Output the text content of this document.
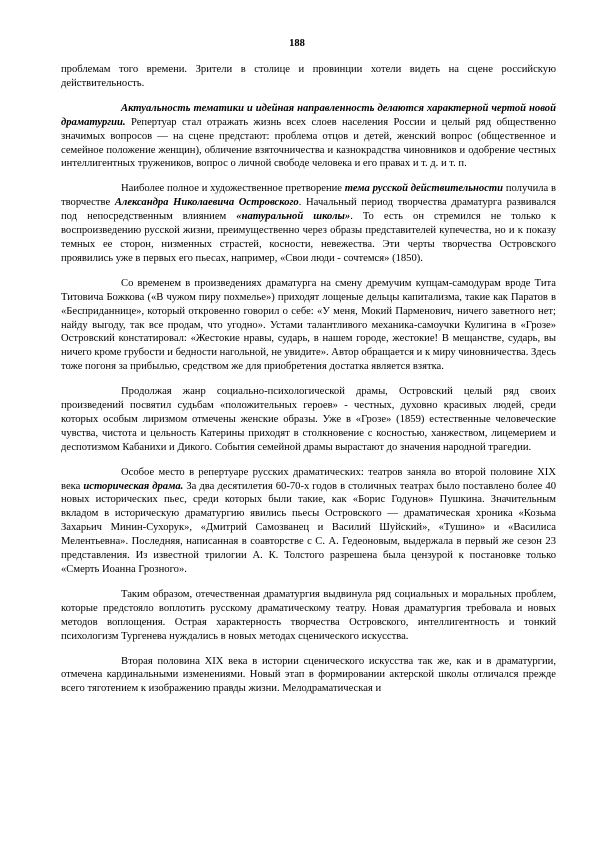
188

проблемам того времени. Зрители в столице и провинции хотели видеть на сцене российскую действительность.

Актуальность тематики и идейная направленность делаются характерной чертой новой драматургии. Репертуар стал отражать жизнь всех слоев населения России и целый ряд общественно значимых вопросов — на сцене предстают: проблема отцов и детей, женский вопрос (общественное и семейное положение женщин), обличение взяточничества и казнокрадства чиновников и одобрение честных интеллигентных тружеников, вопрос о личной свободе человека и его правах и т. д. и т. п.

Наиболее полное и художественное претворение тема русской действительности получила в творчестве Александра Николаевича Островского. Начальный период творчества драматурга развивался под непосредственным влиянием «натуральной школы». То есть он стремился не только к воспроизведению русской жизни, преимущественно через образы представителей купечества, но и к показу темных ее сторон, низменных страстей, косности, невежества. Эти черты творчества Островского проявились уже в первых его пьесах, например, «Свои люди - сочтемся» (1850).

Со временем в произведениях драматурга на смену дремучим купцам-самодурам вроде Тита Титовича Божкова («В чужом пиру похмелье») приходят лощеные дельцы капитализма, такие как Паратов в «Бесприданнице», который откровенно говорил о себе: «У меня, Мокий Парменович, ничего заветного нет; найду выгоду, так все продам, что угодно». Устами талантливого механика-самоучки Кулигина в «Грозе» Островский констатировал: «Жестокие нравы, сударь, в нашем городе, жестокие! В мещанстве, сударь, вы ничего кроме грубости и бедности нагольной, не увидите». Автор обращается и к миру чиновничества. Здесь тоже погоня за прибылью, средством же для приобретения достатка является взятка.

Продолжая жанр социально-психологической драмы, Островский целый ряд своих произведений посвятил судьбам «положительных героев» - честных, духовно красивых людей, среди которых особым лиризмом отмечены женские образы. Уже в «Грозе» (1859) естественные человеческие чувства, чистота и цельность Катерины приходят в столкновение с косностью, ханжеством, лицемерием и деспотизмом Кабанихи и Дикого. События семейной драмы вырастают до значения народной трагедии.

Особое место в репертуаре русских драматических: театров заняла во второй половине XIX века историческая драма. За два десятилетия 60-70-х годов в столичных театрах было поставлено более 40 новых исторических пьес, среди которых были такие, как «Борис Годунов» Пушкина. Значительным вкладом в историческую драматургию явились пьесы Островского — драматическая хроника «Козьма Захарьич Минин-Сухорук», «Дмитрий Самозванец и Василий Шуйский», «Тушино» и «Василиса Мелентьевна». Последняя, написанная в соавторстве с С. А. Гедеоновым, выдержала в первый же сезон 23 представления. Из известной трилогии А. К. Толстого разрешена была цензурой к постановке только «Смерть Иоанна Грозного».

Таким образом, отечественная драматургия выдвинула ряд социальных и моральных проблем, которые предстояло воплотить русскому драматическому театру. Новая драматургия требовала и новых методов воплощения. Острая характерность творчества Островского, интеллигентность и тонкий психологизм Тургенева нуждались в новых методах сценического искусства.

Вторая половина XIX века в истории сценического искусства так же, как и в драматургии, отмечена кардинальными изменениями. Новый этап в формировании актерской школы отличался прежде всего тяготением к изображению правды жизни. Мелодраматическая и
